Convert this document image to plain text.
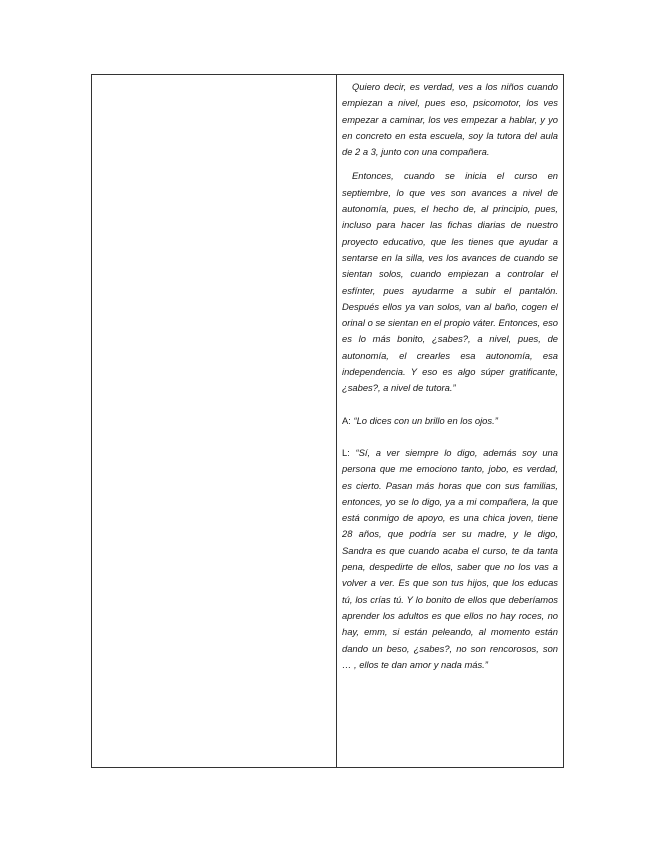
Quiero decir, es verdad, ves a los niños cuando empiezan a nivel, pues eso, psicomotor, los ves empezar a caminar, los ves empezar a hablar, y yo en concreto en esta escuela, soy la tutora del aula de 2 a 3, junto con una compañera.

Entonces, cuando se inicia el curso en septiembre, lo que ves son avances a nivel de autonomía, pues, el hecho de, al principio, pues, incluso para hacer las fichas diarias de nuestro proyecto educativo, que les tienes que ayudar a sentarse en la silla, ves los avances de cuando se sientan solos, cuando empiezan a controlar el esfínter, pues ayudarme a subir el pantalón. Después ellos ya van solos, van al baño, cogen el orinal o se sientan en el propio váter. Entonces, eso es lo más bonito, ¿sabes?, a nivel, pues, de autonomía, el crearles esa autonomía, esa independencia. Y eso es algo súper gratificante, ¿sabes?, a nivel de tutora.”

A: “Lo dices con un brillo en los ojos.”

L: “Sí, a ver siempre lo digo, además soy una persona que me emociono tanto, jobo, es verdad, es cierto. Pasan más horas que con sus familias, entonces, yo se lo digo, ya a mi compañera, la que está conmigo de apoyo, es una chica joven, tiene 28 años, que podría ser su madre, y le digo, Sandra es que cuando acaba el curso, te da tanta pena, despedirte de ellos, saber que no los vas a volver a ver. Es que son tus hijos, que los educas tú, los crías tú. Y lo bonito de ellos que deberíamos aprender los adultos es que ellos no hay roces, no hay, emm, si están peleando, al momento están dando un beso, ¿sabes?, no son rencorosos, son … , ellos te dan amor y nada más.”
